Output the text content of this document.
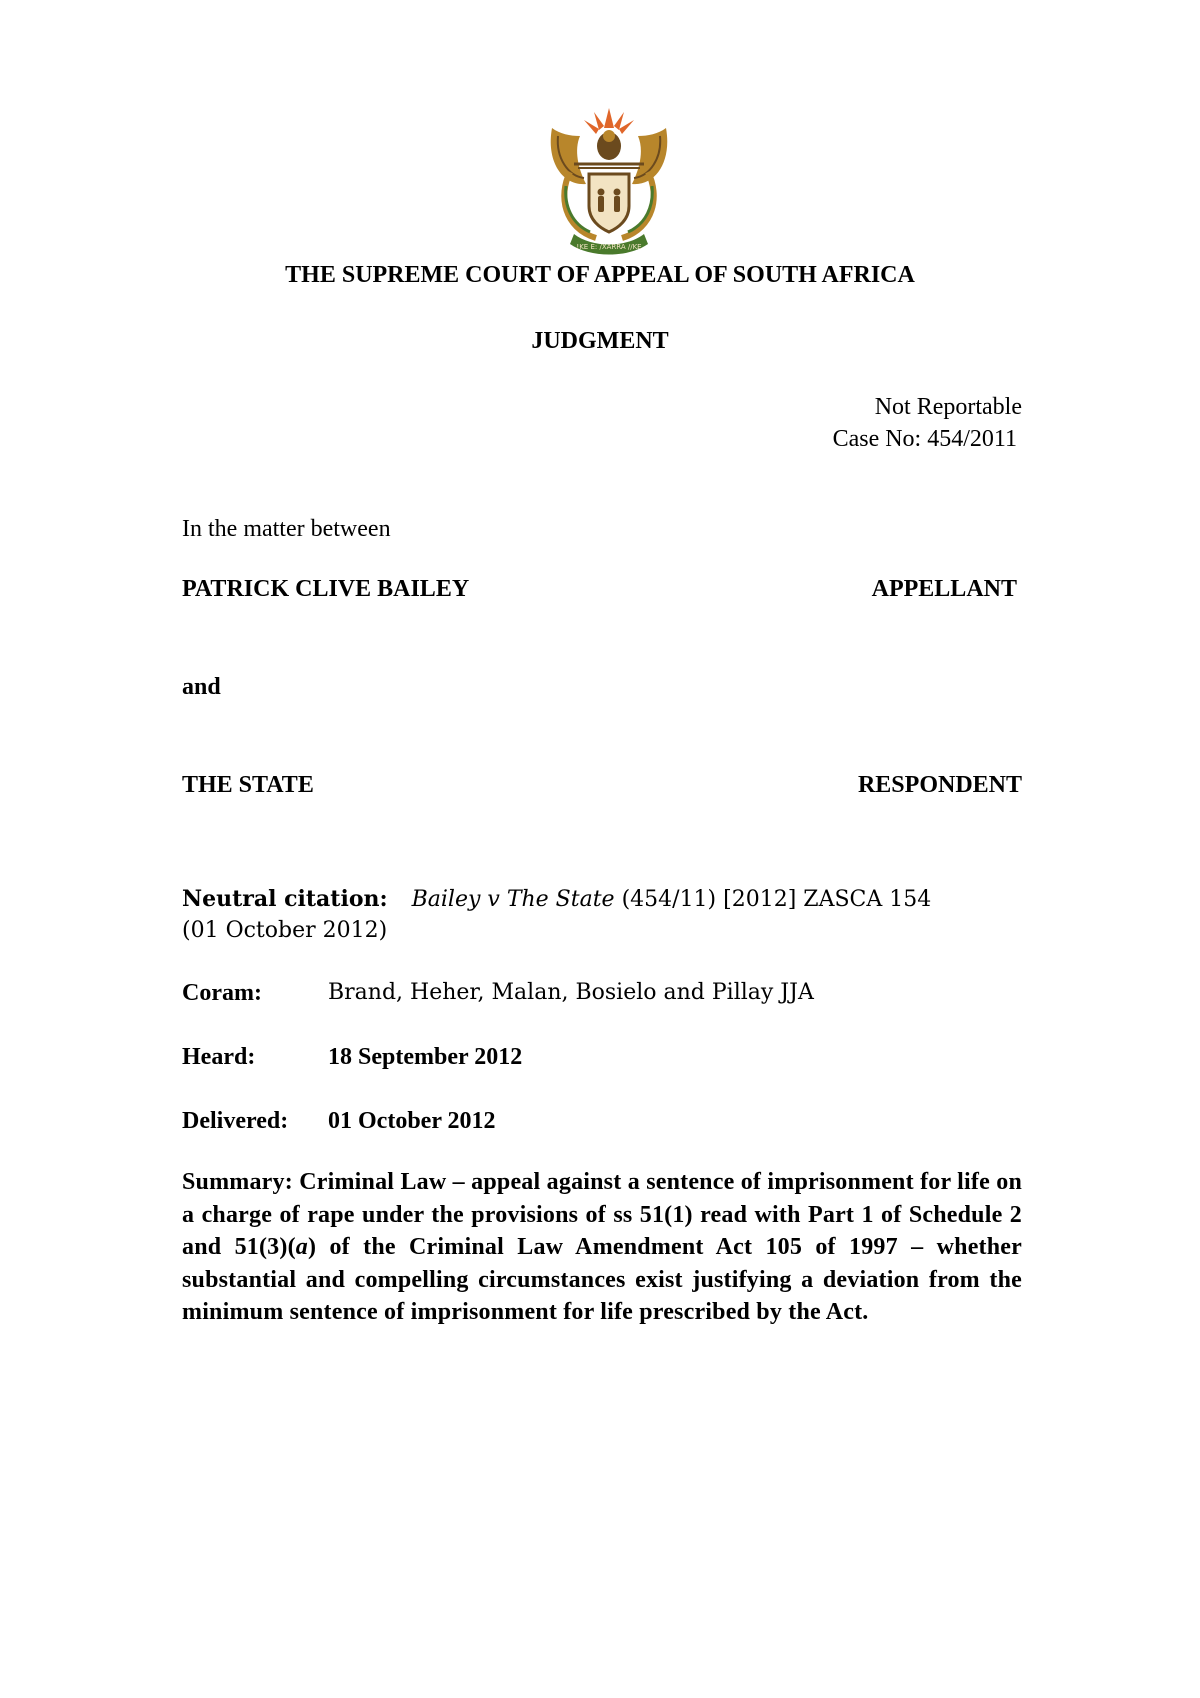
!KE E: /XARRA //KE
THE SUPREME COURT OF APPEAL OF SOUTH AFRICA
JUDGMENT
Not Reportable
Case No: 454/2011
In the matter between
PATRICK CLIVE BAILEY	APPELLANT
and
THE STATE	RESPONDENT
Neutral citation: Bailey v The State (454/11) [2012] ZASCA 154
(01 October 2012)
Coram:	Brand, Heher, Malan, Bosielo and Pillay JJA
Heard:	18 September 2012
Delivered: 01 October 2012
Summary: Criminal Law – appeal against a sentence of imprisonment for life on a charge of rape under the provisions of ss 51(1) read with Part 1 of Schedule 2 and 51(3)(a) of the Criminal Law Amendment Act 105 of 1997 – whether substantial and compelling circumstances exist justifying a deviation from the minimum sentence of imprisonment for life prescribed by the Act.
